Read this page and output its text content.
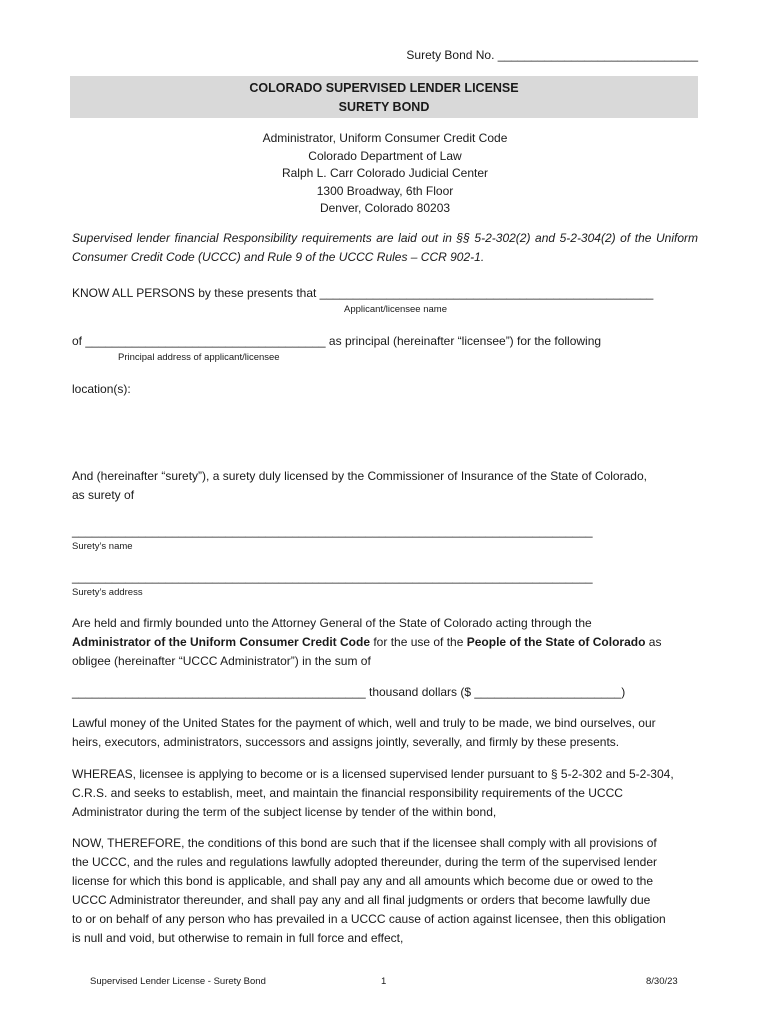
Surety Bond No. ______________________________
COLORADO SUPERVISED LENDER LICENSE
SURETY BOND
Administrator, Uniform Consumer Credit Code
Colorado Department of Law
Ralph L. Carr Colorado Judicial Center
1300 Broadway, 6th Floor
Denver, Colorado 80203
Supervised lender financial Responsibility requirements are laid out in §§ 5-2-302(2) and 5-2-304(2) of the Uniform Consumer Credit Code (UCCC) and Rule 9 of the UCCC Rules – CCR 902-1.
KNOW ALL PERSONS by these presents that __________________________________________________
Applicant/licensee name
of ____________________________________ as principal (hereinafter “licensee”) for the following
Principal address of applicant/licensee
location(s):
And (hereinafter “surety”), a surety duly licensed by the Commissioner of Insurance of the State of Colorado,
as surety of
______________________________________________________________________________
Surety’s name
______________________________________________________________________________
Surety’s address
Are held and firmly bounded unto the Attorney General of the State of Colorado acting through the
Administrator of the Uniform Consumer Credit Code for the use of the People of the State of Colorado as
obligee (hereinafter “UCCC Administrator”) in the sum of
____________________________________________ thousand dollars ($ ______________________)
Lawful money of the United States for the payment of which, well and truly to be made, we bind ourselves, our
heirs, executors, administrators, successors and assigns jointly, severally, and firmly by these presents.
WHEREAS, licensee is applying to become or is a licensed supervised lender pursuant to § 5-2-302 and 5-2-304,
C.R.S. and seeks to establish, meet, and maintain the financial responsibility requirements of the UCCC
Administrator during the term of the subject license by tender of the within bond,
NOW, THEREFORE, the conditions of this bond are such that if the licensee shall comply with all provisions of
the UCCC, and the rules and regulations lawfully adopted thereunder, during the term of the supervised lender
license for which this bond is applicable, and shall pay any and all amounts which become due or owed to the
UCCC Administrator thereunder, and shall pay any and all final judgments or orders that become lawfully due
to or on behalf of any person who has prevailed in a UCCC cause of action against licensee, then this obligation
is null and void, but otherwise to remain in full force and effect,
Supervised Lender License - Surety Bond	1	8/30/23
